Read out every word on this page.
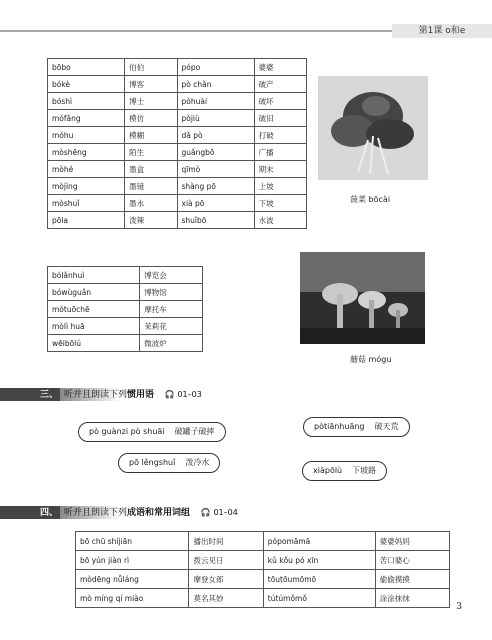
第1课 o和e
bōbo	伯伯	pópo	婆婆
bókè	博客	pò chǎn	破产
bóshì	博士	pòhuài	破坏
mófǎng	模仿	pòjiù	破旧
móhu	模糊	dǎ pò	打破
mòshēng	陌生	guǎngbō	广播
mòhé	墨盒	qīmò	期末
mòjìng	墨镜	shàng pō	上坡
mòshuǐ	墨水	xià pō	下坡
pōla	泼辣	shuǐbō	水波
菠菜 bōcài
bólǎnhuì	博览会
bówùguǎn	博物馆
mótuōchē	摩托车
mòlì huā	茉莉花
wēibōlú	微波炉
蘑菇 mógu
三、 听并且朗读下列惯用语 🎧 01–03
pò guànzi pò shuāi 破罐子破摔
pō lěngshuǐ 泼冷水
pòtiānhuāng 破天荒
xiàpōlù 下坡路
四、 听并且朗读下列成语和常用词组 🎧 01–04
bō chū shíjiān	播出时间	pópomāmā	婆婆妈妈
bō yún jiàn rì	拨云见日	kǔ kǒu pó xīn	苦口婆心
mòdēng nǚláng	摩登女郎	tōutōumōmō	偷偷摸摸
mò míng qí miào	莫名其妙	tútúmǒmǒ	涂涂抹抹
3
